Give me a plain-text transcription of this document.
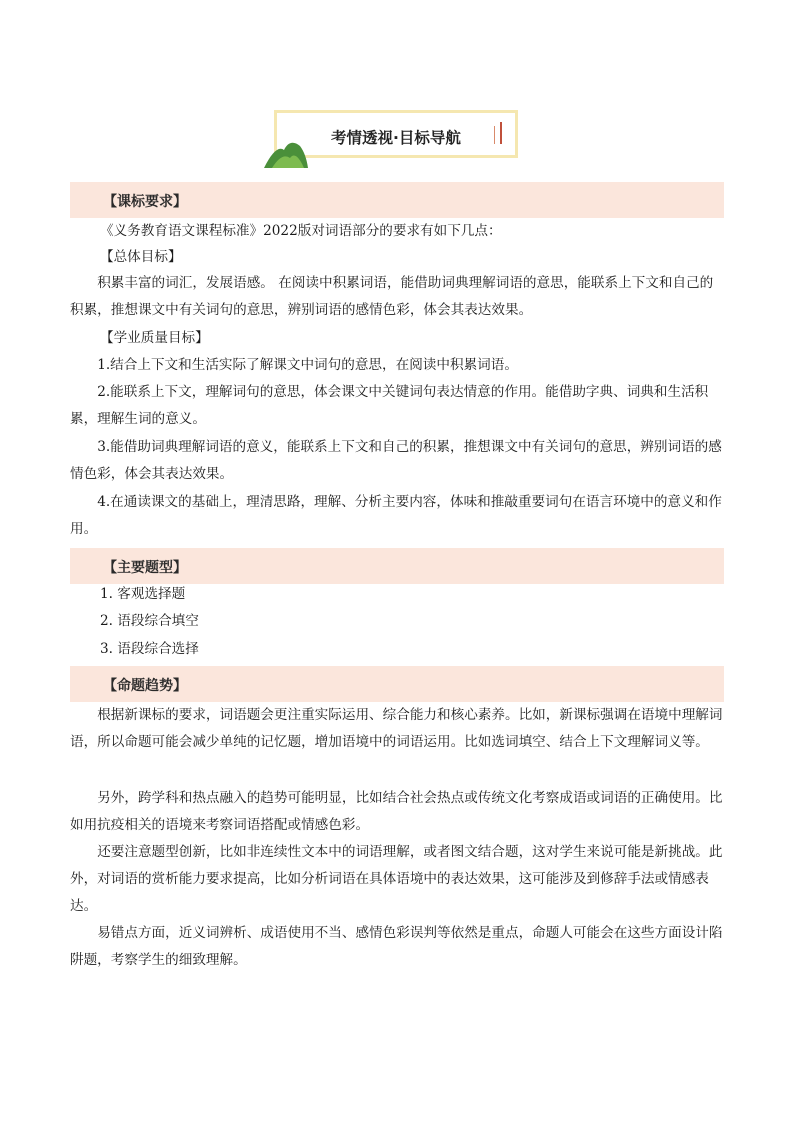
考情透视·目标导航
【课标要求】

《义务教育语文课程标准》2022版对词语部分的要求有如下几点：

【总体目标】

积累丰富的词汇，发展语感。 在阅读中积累词语，能借助词典理解词语的意思，能联系上下文和自己的积累，推想课文中有关词句的意思，辨别词语的感情色彩，体会其表达效果。

【学业质量目标】

1.结合上下文和生活实际了解课文中词句的意思，在阅读中积累词语。

2.能联系上下文，理解词句的意思，体会课文中关键词句表达情意的作用。能借助字典、词典和生活积累，理解生词的意义。

3.能借助词典理解词语的意义，能联系上下文和自己的积累，推想课文中有关词句的意思，辨别词语的感情色彩，体会其表达效果。

4.在通读课文的基础上，理清思路，理解、分析主要内容，体味和推敲重要词句在语言环境中的意义和作用。

【主要题型】

1. 客观选择题

2. 语段综合填空

3. 语段综合选择

【命题趋势】

根据新课标的要求，词语题会更注重实际运用、综合能力和核心素养。比如，新课标强调在语境中理解词语，所以命题可能会减少单纯的记忆题，增加语境中的词语运用。比如选词填空、结合上下文理解词义等。

另外，跨学科和热点融入的趋势可能明显，比如结合社会热点或传统文化考察成语或词语的正确使用。比如用抗疫相关的语境来考察词语搭配或情感色彩。

还要注意题型创新，比如非连续性文本中的词语理解，或者图文结合题，这对学生来说可能是新挑战。此外，对词语的赏析能力要求提高，比如分析词语在具体语境中的表达效果，这可能涉及到修辞手法或情感表达。

易错点方面，近义词辨析、成语使用不当、感情色彩误判等依然是重点，命题人可能会在这些方面设计陷阱题，考察学生的细致理解。
